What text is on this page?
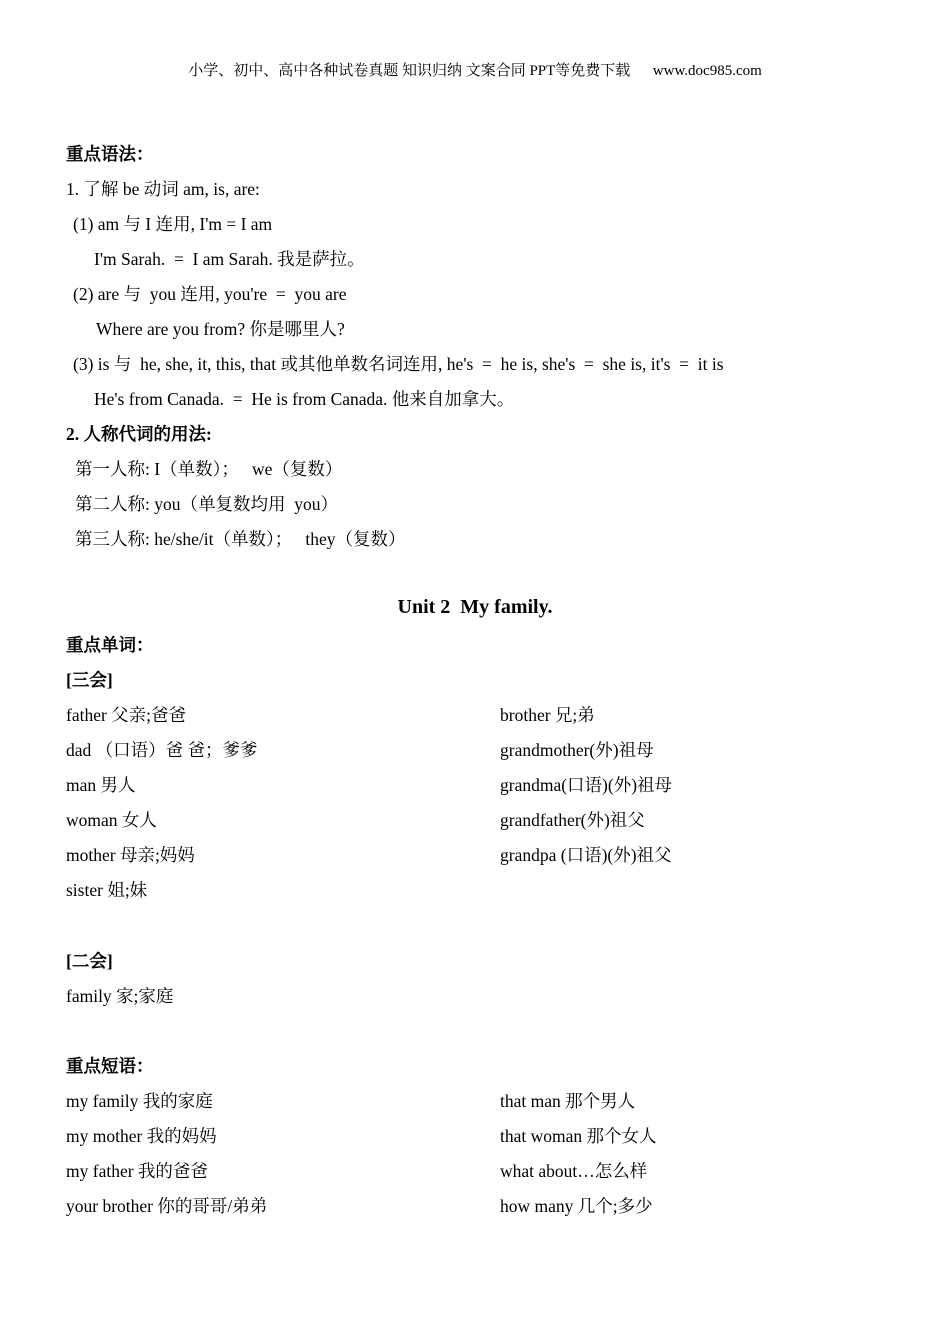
小学、初中、高中各种试卷真题 知识归纳 文案合同 PPT等免费下载      www.doc985.com
重点语法：
1. 了解 be 动词 am, is, are:
(1) am 与 I 连用, I'm = I am
I'm Sarah.  =  I am Sarah. 我是萨拉。
(2) are 与  you 连用, you're  =  you are
Where are you from? 你是哪里人?
(3) is 与  he, she, it, this, that 或其他单数名词连用, he's  =  he is, she's  =  she is, it's  =  it is
He's from Canada.  =  He is from Canada. 他来自加拿大。
2. 人称代词的用法:
第一人称: I（单数）；   we（复数）
第二人称: you（单复数均用  you）
第三人称: he/she/it（单数）；   they（复数）
Unit 2  My family.
重点单词：
[三会]
father 父亲;爸爸
dad （口语）爸 爸；爹爹
man 男人
woman 女人
mother 母亲;妈妈
sister 姐;妹
brother 兄;弟
grandmother(外)祖母
grandma(口语)(外)祖母
grandfather(外)祖父
grandpa (口语)(外)祖父
[二会]
family 家;家庭
重点短语：
my family 我的家庭
my mother 我的妈妈
my father 我的爸爸
your brother 你的哥哥/弟弟
that man 那个男人
that woman 那个女人
what about…怎么样
how many 几个;多少
